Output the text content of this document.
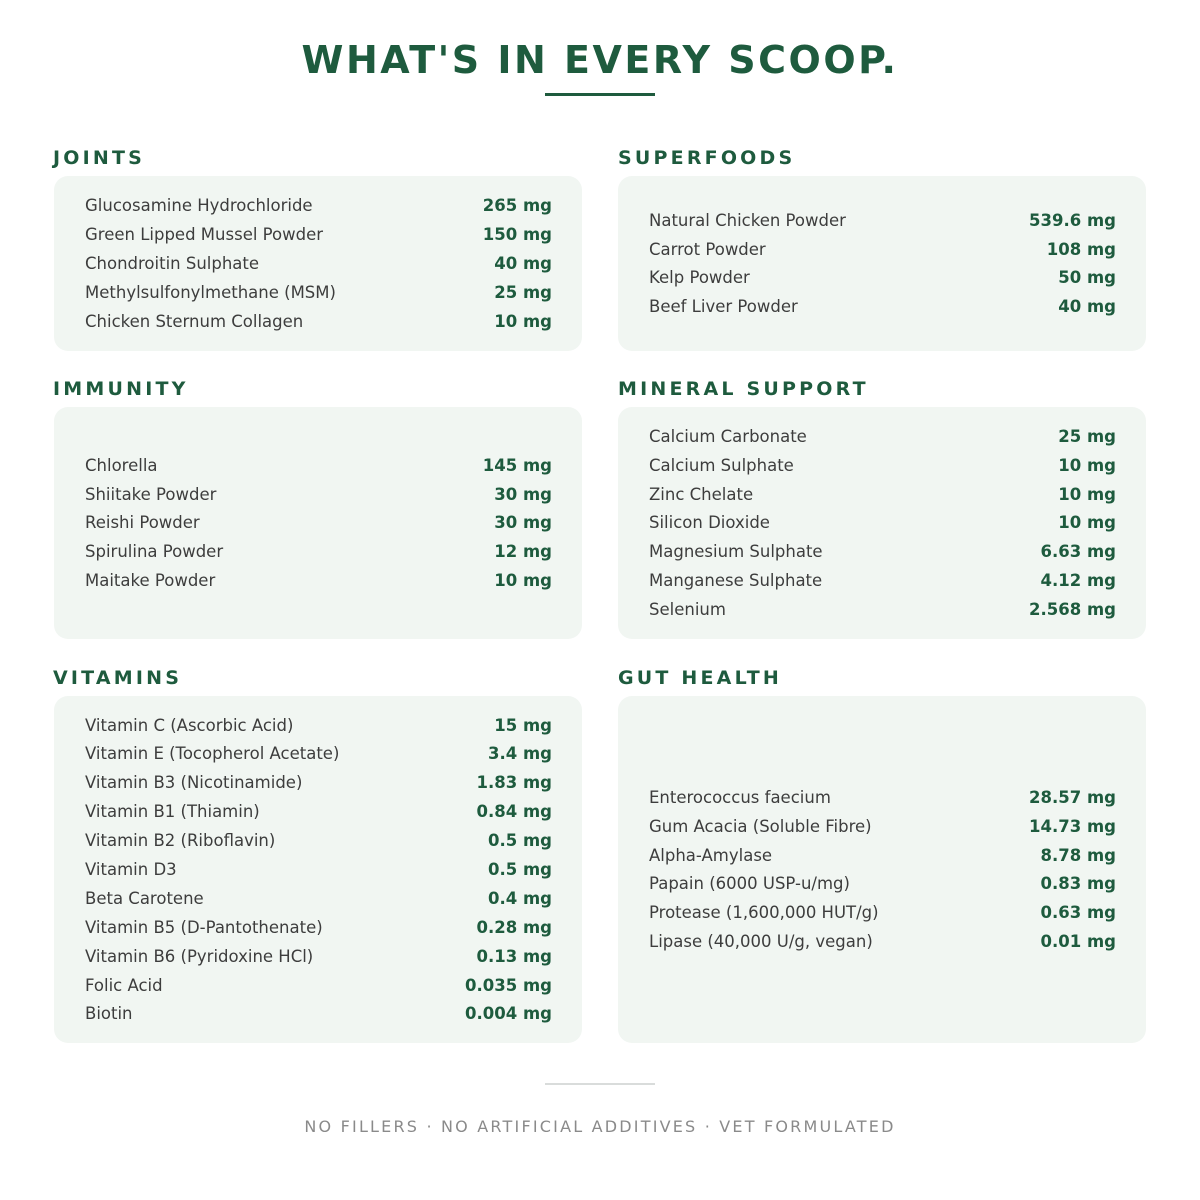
WHAT'S IN EVERY SCOOP.
JOINTS
Glucosamine Hydrochloride	265 mg
Green Lipped Mussel Powder	150 mg
Chondroitin Sulphate	40 mg
Methylsulfonylmethane (MSM)	25 mg
Chicken Sternum Collagen	10 mg
SUPERFOODS
Natural Chicken Powder	539.6 mg
Carrot Powder	108 mg
Kelp Powder	50 mg
Beef Liver Powder	40 mg
IMMUNITY
Chlorella	145 mg
Shiitake Powder	30 mg
Reishi Powder	30 mg
Spirulina Powder	12 mg
Maitake Powder	10 mg
MINERAL SUPPORT
Calcium Carbonate	25 mg
Calcium Sulphate	10 mg
Zinc Chelate	10 mg
Silicon Dioxide	10 mg
Magnesium Sulphate	6.63 mg
Manganese Sulphate	4.12 mg
Selenium	2.568 mg
VITAMINS
Vitamin C (Ascorbic Acid)	15 mg
Vitamin E (Tocopherol Acetate)	3.4 mg
Vitamin B3 (Nicotinamide)	1.83 mg
Vitamin B1 (Thiamin)	0.84 mg
Vitamin B2 (Riboflavin)	0.5 mg
Vitamin D3	0.5 mg
Beta Carotene	0.4 mg
Vitamin B5 (D-Pantothenate)	0.28 mg
Vitamin B6 (Pyridoxine HCl)	0.13 mg
Folic Acid	0.035 mg
Biotin	0.004 mg
GUT HEALTH
Enterococcus faecium	28.57 mg
Gum Acacia (Soluble Fibre)	14.73 mg
Alpha-Amylase	8.78 mg
Papain (6000 USP-u/mg)	0.83 mg
Protease (1,600,000 HUT/g)	0.63 mg
Lipase (40,000 U/g, vegan)	0.01 mg
NO FILLERS · NO ARTIFICIAL ADDITIVES · VET FORMULATED
